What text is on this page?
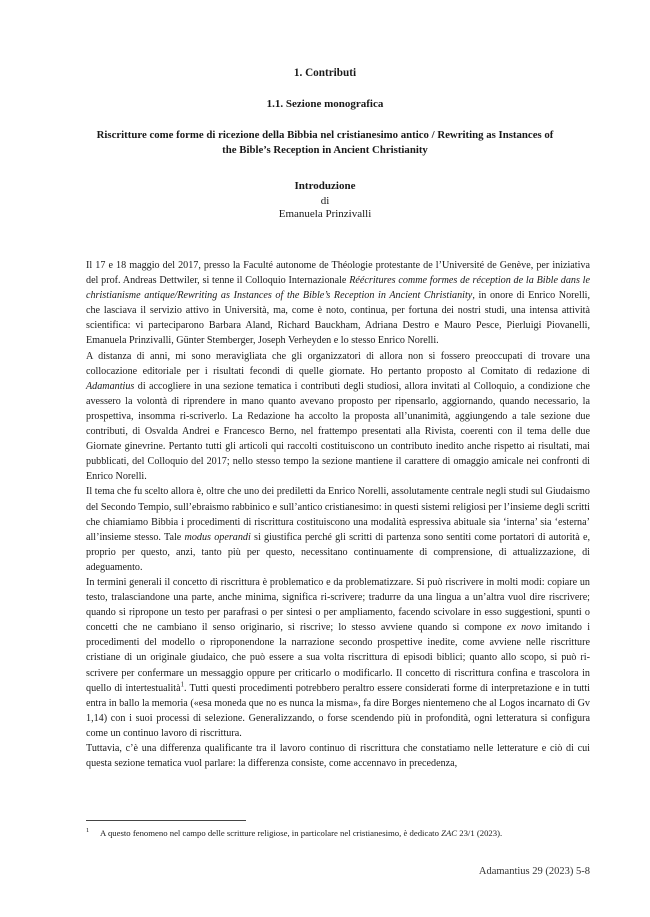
1. Contributi
1.1. Sezione monografica
Riscritture come forme di ricezione della Bibbia nel cristianesimo antico / Rewriting as Instances of
the Bible’s Reception in Ancient Christianity
Introduzione
di
Emanuela Prinzivalli

Il 17 e 18 maggio del 2017, presso la Faculté autonome de Théologie protestante de l’Université de Genève, per iniziativa del prof. Andreas Dettwiler, si tenne il Colloquio Internazionale Réécritures comme formes de réception de la Bible dans le christianisme antique/Rewriting as Instances of the Bible’s Reception in Ancient Christianity, in onore di Enrico Norelli, che lasciava il servizio attivo in Università, ma, come è noto, continua, per fortuna dei nostri studi, una intensa attività scientifica: vi parteciparono Barbara Aland, Richard Bauckham, Adriana Destro e Mauro Pesce, Pierluigi Piovanelli, Emanuela Prinzivalli, Günter Stemberger, Joseph Verheyden e lo stesso Enrico Norelli.

A distanza di anni, mi sono meravigliata che gli organizzatori di allora non si fossero preoccupati di trovare una collocazione editoriale per i risultati fecondi di quelle giornate. Ho pertanto proposto al Comitato di redazione di Adamantius di accogliere in una sezione tematica i contributi degli studiosi, allora invitati al Colloquio, a condizione che avessero la volontà di riprendere in mano quanto avevano proposto per ripensarlo, aggiornando, quando necessario, la prospettiva, insomma ri-scriverlo. La Redazione ha accolto la proposta all’unanimità, aggiungendo a tale sezione due contributi, di Osvalda Andrei e Francesco Berno, nel frattempo presentati alla Rivista, coerenti con il tema delle due Giornate ginevrine. Pertanto tutti gli articoli qui raccolti costituiscono un contributo inedito anche rispetto ai risultati, mai pubblicati, del Colloquio del 2017; nello stesso tempo la sezione mantiene il carattere di omaggio amicale nei confronti di Enrico Norelli.

Il tema che fu scelto allora è, oltre che uno dei prediletti da Enrico Norelli, assolutamente centrale negli studi sul Giudaismo del Secondo Tempio, sull’ebraismo rabbinico e sull’antico cristianesimo: in questi sistemi religiosi per l’insieme degli scritti che chiamiamo Bibbia i procedimenti di riscrittura costituiscono una modalità espressiva abituale sia ‘interna’ sia ‘esterna’ all’insieme stesso. Tale modus operandi si giustifica perché gli scritti di partenza sono sentiti come portatori di autorità e, proprio per questo, anzi, tanto più per questo, necessitano continuamente di comprensione, di attualizzazione, di adeguamento.

In termini generali il concetto di riscrittura è problematico e da problematizzare. Si può riscrivere in molti modi: copiare un testo, tralasciandone una parte, anche minima, significa ri-scrivere; tradurre da una lingua a un’altra vuol dire riscrivere; quando si ripropone un testo per parafrasi o per sintesi o per ampliamento, facendo scivolare in esso suggestioni, spunti o concetti che ne cambiano il senso originario, si riscrive; lo stesso avviene quando si compone ex novo imitando i procedimenti del modello o riproponendone la narrazione secondo prospettive inedite, come avviene nelle riscritture cristiane di un originale giudaico, che può essere a sua volta riscrittura di episodi biblici; quanto allo scopo, si può ri-scrivere per confermare un messaggio oppure per criticarlo o modificarlo. Il concetto di riscrittura confina e trascolora in quello di intertestualità$^1$. Tutti questi procedimenti potrebbero peraltro essere considerati forme di interpretazione e in tutti entra in ballo la memoria («esa moneda que no es nunca la misma», fa dire Borges nientemeno che al Logos incarnato di Gv 1,14) con i suoi processi di selezione. Generalizzando, o forse scendendo più in profondità, ogni letteratura si configura come un continuo lavoro di riscrittura.

Tuttavia, c’è una differenza qualificante tra il lavoro continuo di riscrittura che constatiamo nelle letterature e ciò di cui questa sezione tematica vuol parlare: la differenza consiste, come accennavo in precedenza,

1 A questo fenomeno nel campo delle scritture religiose, in particolare nel cristianesimo, è dedicato ZAC 23/1 (2023).
Adamantius 29 (2023) 5-8
